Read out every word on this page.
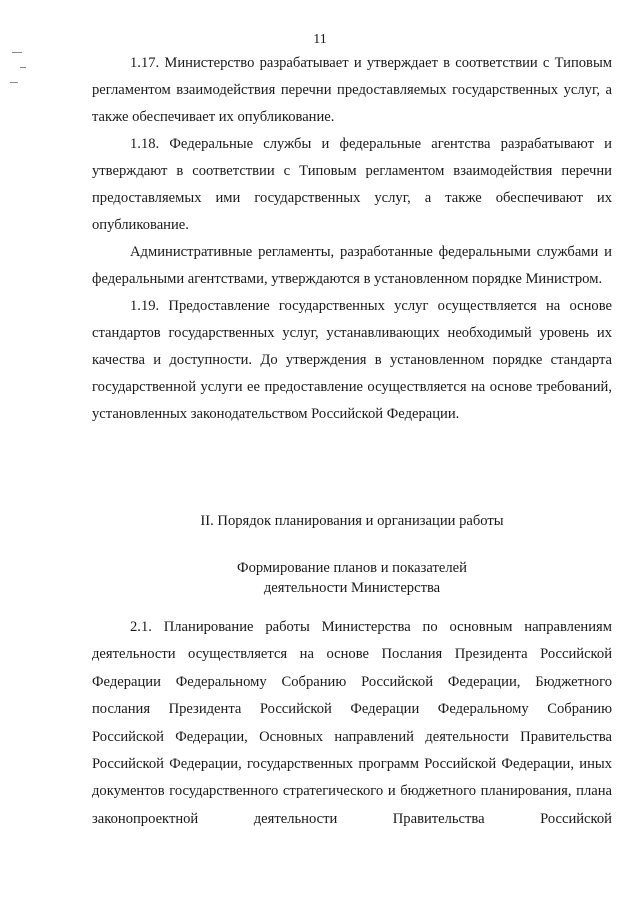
11

1.17. Министерство разрабатывает и утверждает в соответствии с Типовым регламентом взаимодействия перечни предоставляемых государственных услуг, а также обеспечивает их опубликование.

1.18. Федеральные службы и федеральные агентства разрабатывают и утверждают в соответствии с Типовым регламентом взаимодействия перечни предоставляемых ими государственных услуг, а также обеспечивают их опубликование.

Административные регламенты, разработанные федеральными службами и федеральными агентствами, утверждаются в установленном порядке Министром.

1.19. Предоставление государственных услуг осуществляется на основе стандартов государственных услуг, устанавливающих необходимый уровень их качества и доступности. До утверждения в установленном порядке стандарта государственной услуги ее предоставление осуществляется на основе требований, установленных законодательством Российской Федерации.

II. Порядок планирования и организации работы
Формирование планов и показателей
деятельности Министерства

2.1. Планирование работы Министерства по основным направлениям деятельности осуществляется на основе Послания Президента Российской Федерации Федеральному Собранию Российской Федерации, Бюджетного послания Президента Российской Федерации Федеральному Собранию Российской Федерации, Основных направлений деятельности Правительства Российской Федерации, государственных программ Российской Федерации, иных документов государственного стратегического и бюджетного планирования, плана законопроектной деятельности Правительства Российской
